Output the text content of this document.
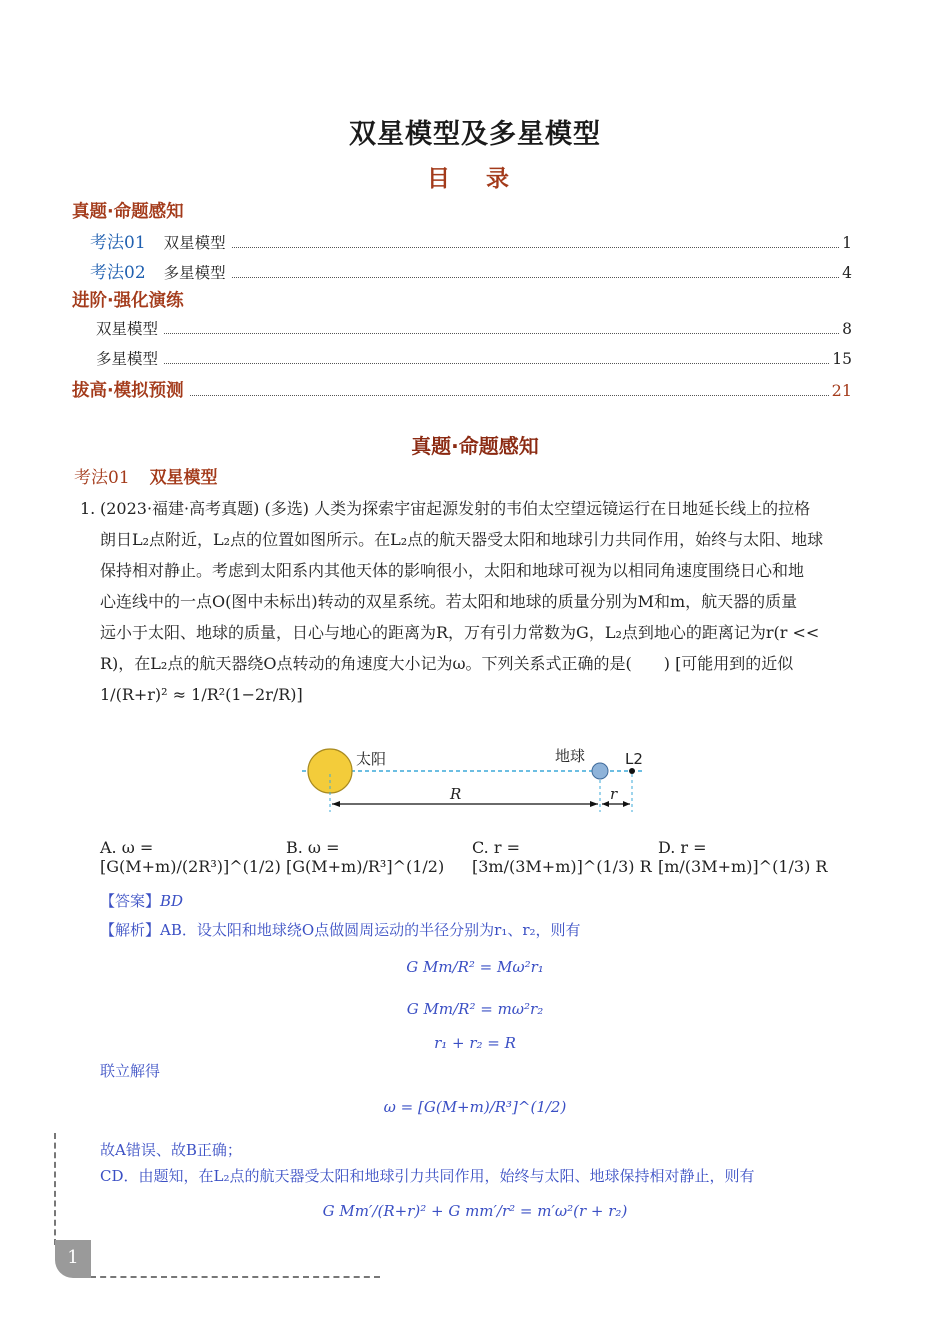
双星模型及多星模型
目 录
真题·命题感知
考法01 双星模型	1
考法02 多星模型	4
进阶·强化演练
双星模型	8
多星模型	15
拔高·模拟预测	21
真题·命题感知
考法01 双星模型
1. (2023·福建·高考真题) (多选) 人类为探索宇宙起源发射的韦伯太空望远镜运行在日地延长线上的拉格
朗日L₂点附近，L₂点的位置如图所示。在L₂点的航天器受太阳和地球引力共同作用，始终与太阳、地球
保持相对静止。考虑到太阳系内其他天体的影响很小，太阳和地球可视为以相同角速度围绕日心和地
心连线中的一点O(图中未标出)转动的双星系统。若太阳和地球的质量分别为M和m，航天器的质量
远小于太阳、地球的质量，日心与地心的距离为R，万有引力常数为G，L₂点到地心的距离记为r(r <<
R)，在L₂点的航天器绕O点转动的角速度大小记为ω。下列关系式正确的是(　　) [可能用到的近似
1/(R+r)² ≈ 1/R²(1−2r/R)]
太阳	地球	L2
R	r
A. ω = [G(M+m)/(2R³)]^(1/2)
B. ω = [G(M+m)/R³]^(1/2)
C. r = [3m/(3M+m)]^(1/3) R
D. r = [m/(3M+m)]^(1/3) R
【答案】BD
【解析】AB．设太阳和地球绕O点做圆周运动的半径分别为r₁、r₂，则有
G Mm/R² = Mω²r₁
G Mm/R² = mω²r₂
r₁ + r₂ = R
联立解得
ω = [G(M+m)/R³]^(1/2)
故A错误、故B正确；
CD．由题知，在L₂点的航天器受太阳和地球引力共同作用，始终与太阳、地球保持相对静止，则有
G Mm′/(R+r)² + G mm′/r² = m′ω²(r + r₂)
1
